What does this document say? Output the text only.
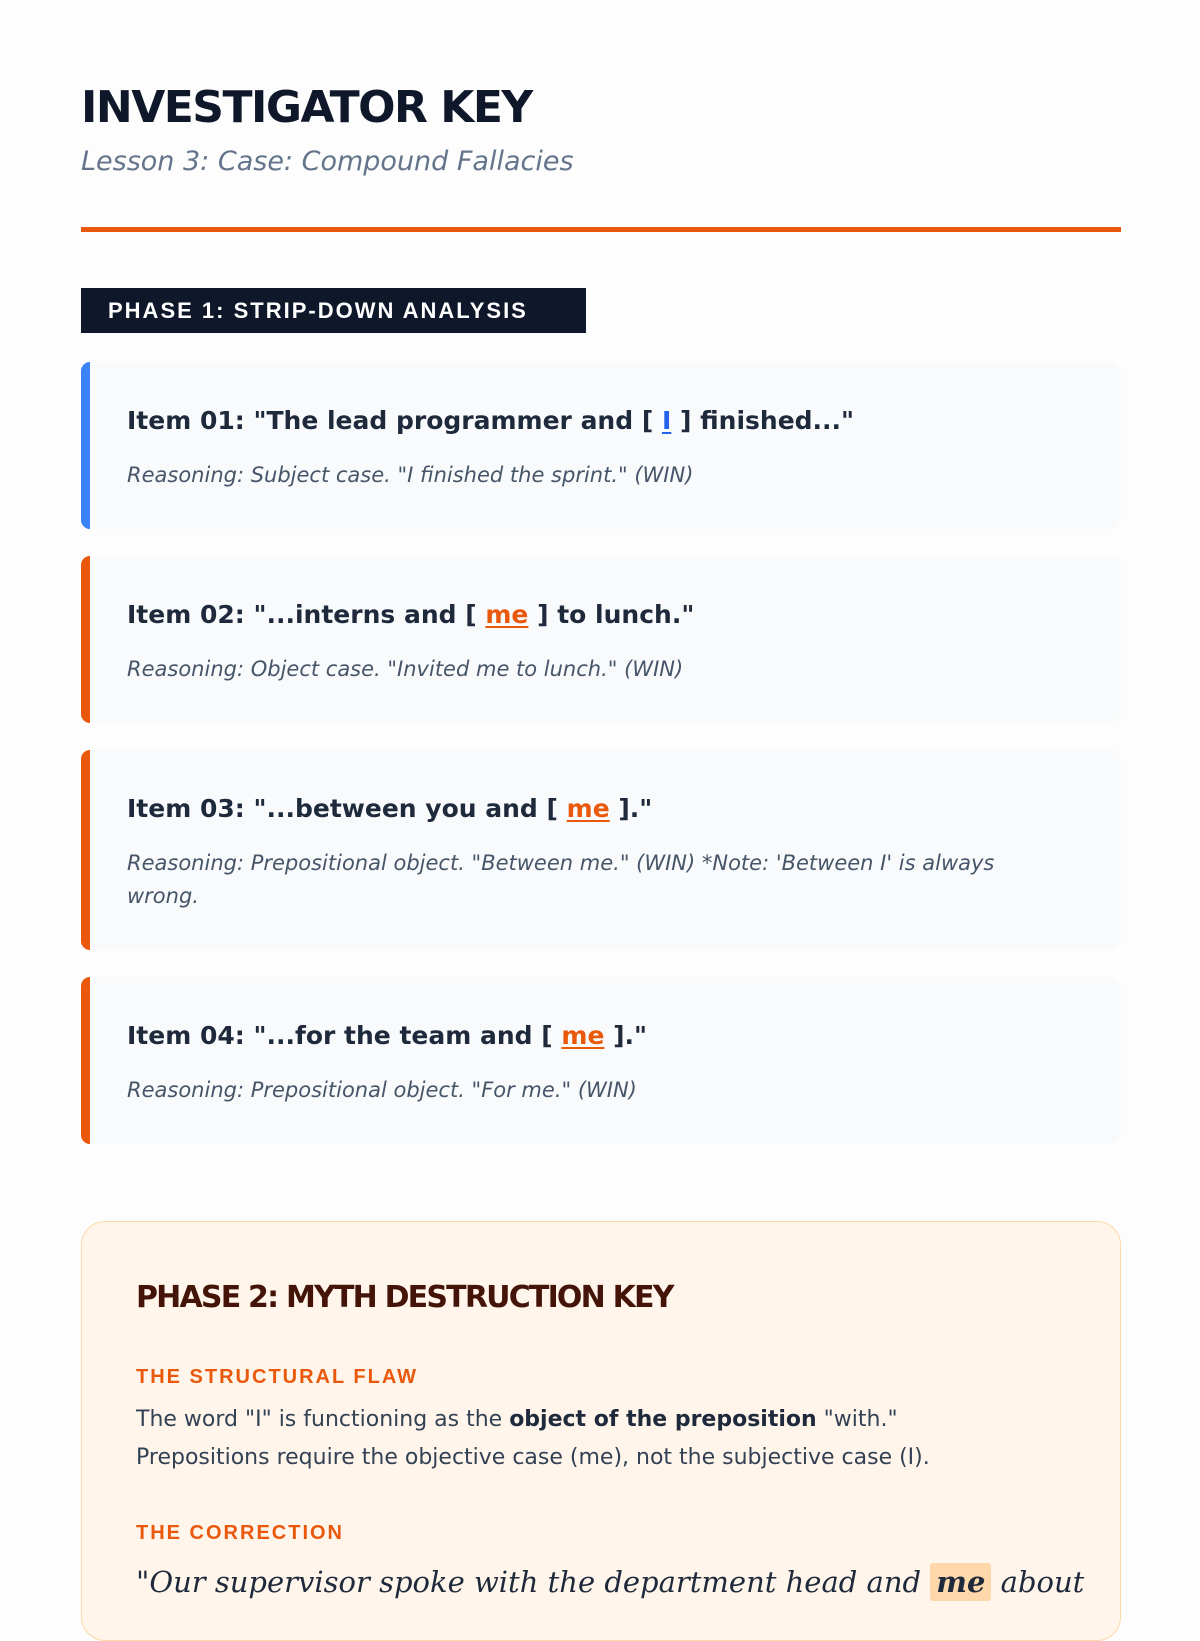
INVESTIGATOR KEY
Lesson 3: Case: Compound Fallacies
PHASE 1: STRIP-DOWN ANALYSIS
Item 01: "The lead programmer and [ I ] finished..."
Reasoning: Subject case. "I finished the sprint." (WIN)
Item 02: "...interns and [ me ] to lunch."
Reasoning: Object case. "Invited me to lunch." (WIN)
Item 03: "...between you and [ me ]."
Reasoning: Prepositional object. "Between me." (WIN) *Note: 'Between I' is always wrong.
Item 04: "...for the team and [ me ]."
Reasoning: Prepositional object. "For me." (WIN)
PHASE 2: MYTH DESTRUCTION KEY
THE STRUCTURAL FLAW
The word "I" is functioning as the object of the preposition "with." Prepositions require the objective case (me), not the subjective case (I).
THE CORRECTION
"Our supervisor spoke with the department head and me about
